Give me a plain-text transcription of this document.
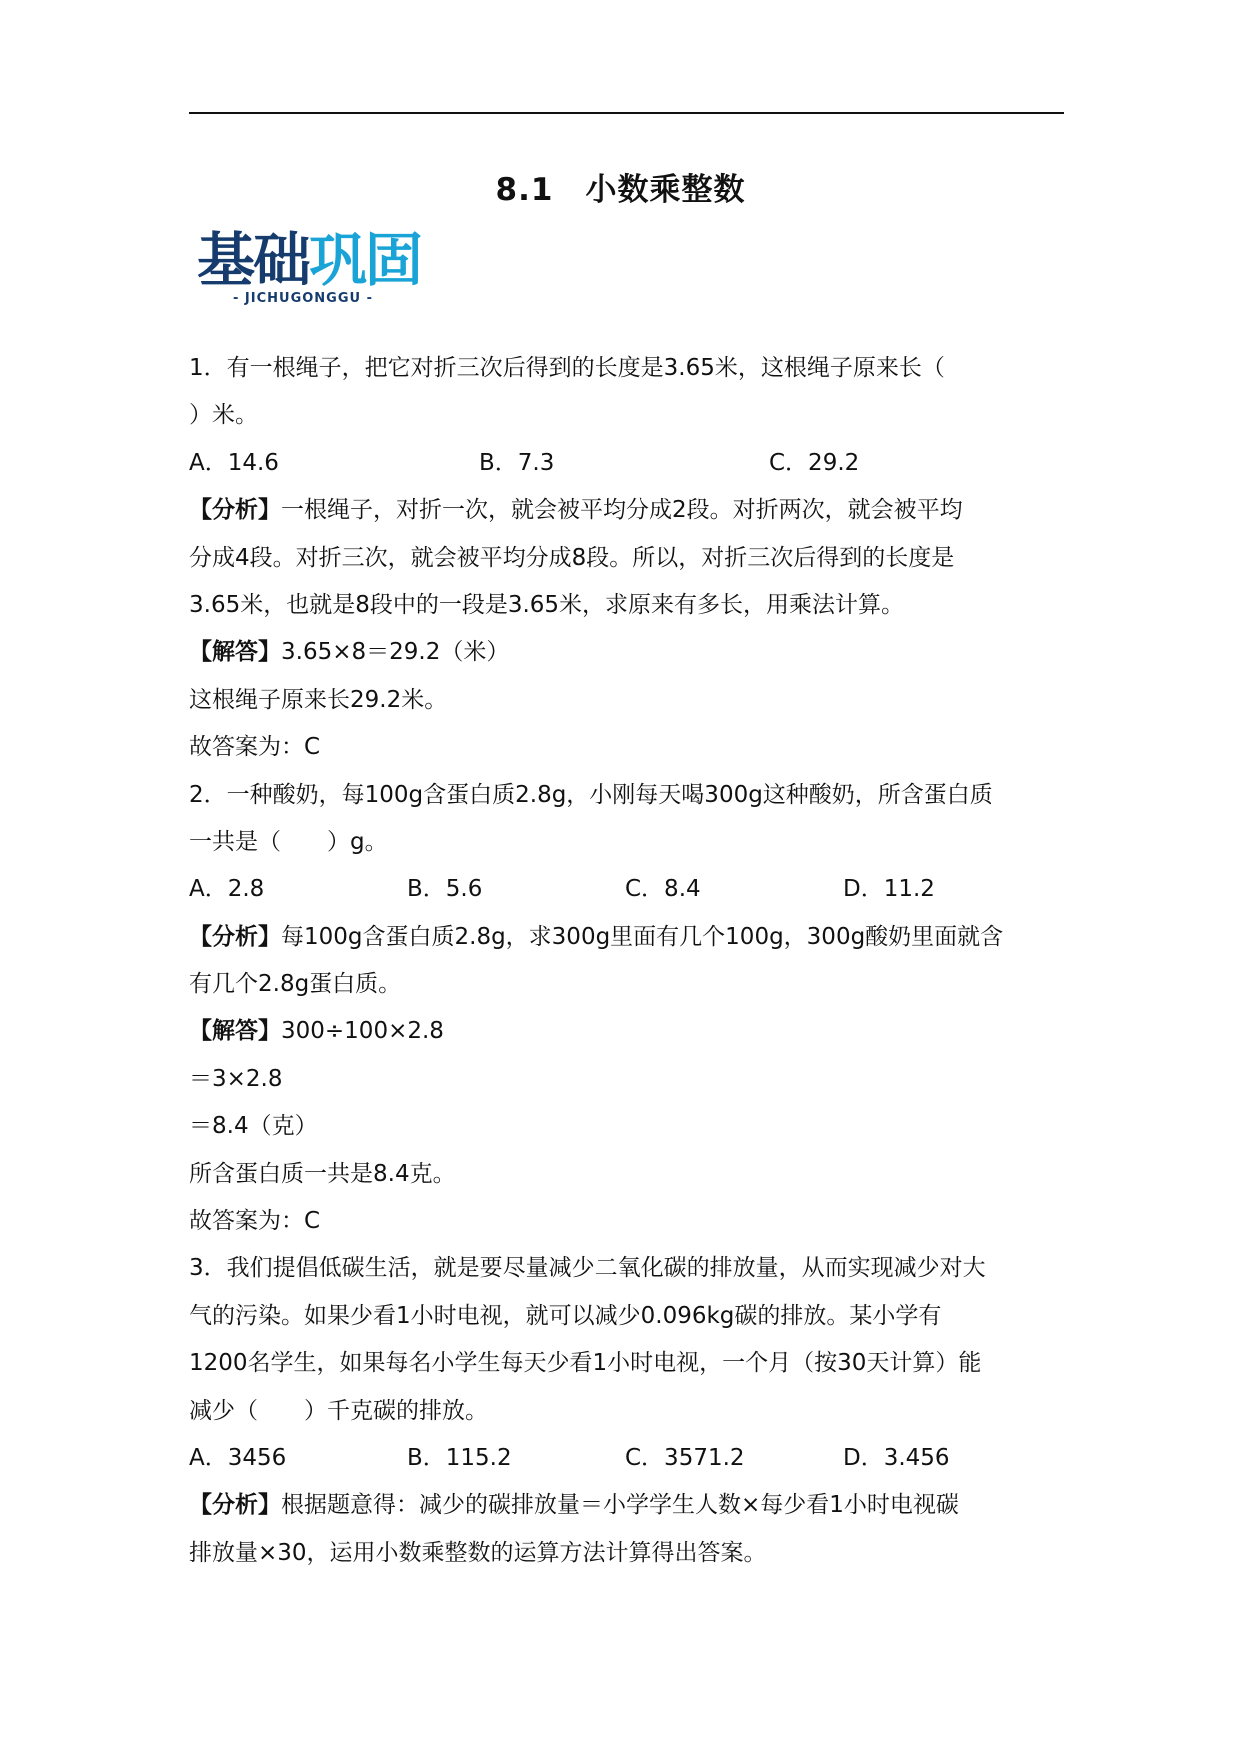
8.1　小数乘整数
基础巩固
- JICHUGONGGU -
1．有一根绳子，把它对折三次后得到的长度是3.65米，这根绳子原来长（
）米。
A．14.6	B．7.3	C．29.2
【分析】一根绳子，对折一次，就会被平均分成2段。对折两次，就会被平均
分成4段。对折三次，就会被平均分成8段。所以，对折三次后得到的长度是
3.65米，也就是8段中的一段是3.65米，求原来有多长，用乘法计算。
【解答】3.65×8＝29.2（米）
这根绳子原来长29.2米。
故答案为：C
2．一种酸奶，每100g含蛋白质2.8g，小刚每天喝300g这种酸奶，所含蛋白质
一共是（　　）g。
A．2.8	B．5.6	C．8.4	D．11.2
【分析】每100g含蛋白质2.8g，求300g里面有几个100g，300g酸奶里面就含
有几个2.8g蛋白质。
【解答】300÷100×2.8
＝3×2.8
＝8.4（克）
所含蛋白质一共是8.4克。
故答案为：C
3．我们提倡低碳生活，就是要尽量减少二氧化碳的排放量，从而实现减少对大
气的污染。如果少看1小时电视，就可以减少0.096kg碳的排放。某小学有
1200名学生，如果每名小学生每天少看1小时电视，一个月（按30天计算）能
减少（　　）千克碳的排放。
A．3456	B．115.2	C．3571.2	D．3.456
【分析】根据题意得：减少的碳排放量＝小学学生人数×每少看1小时电视碳
排放量×30，运用小数乘整数的运算方法计算得出答案。
